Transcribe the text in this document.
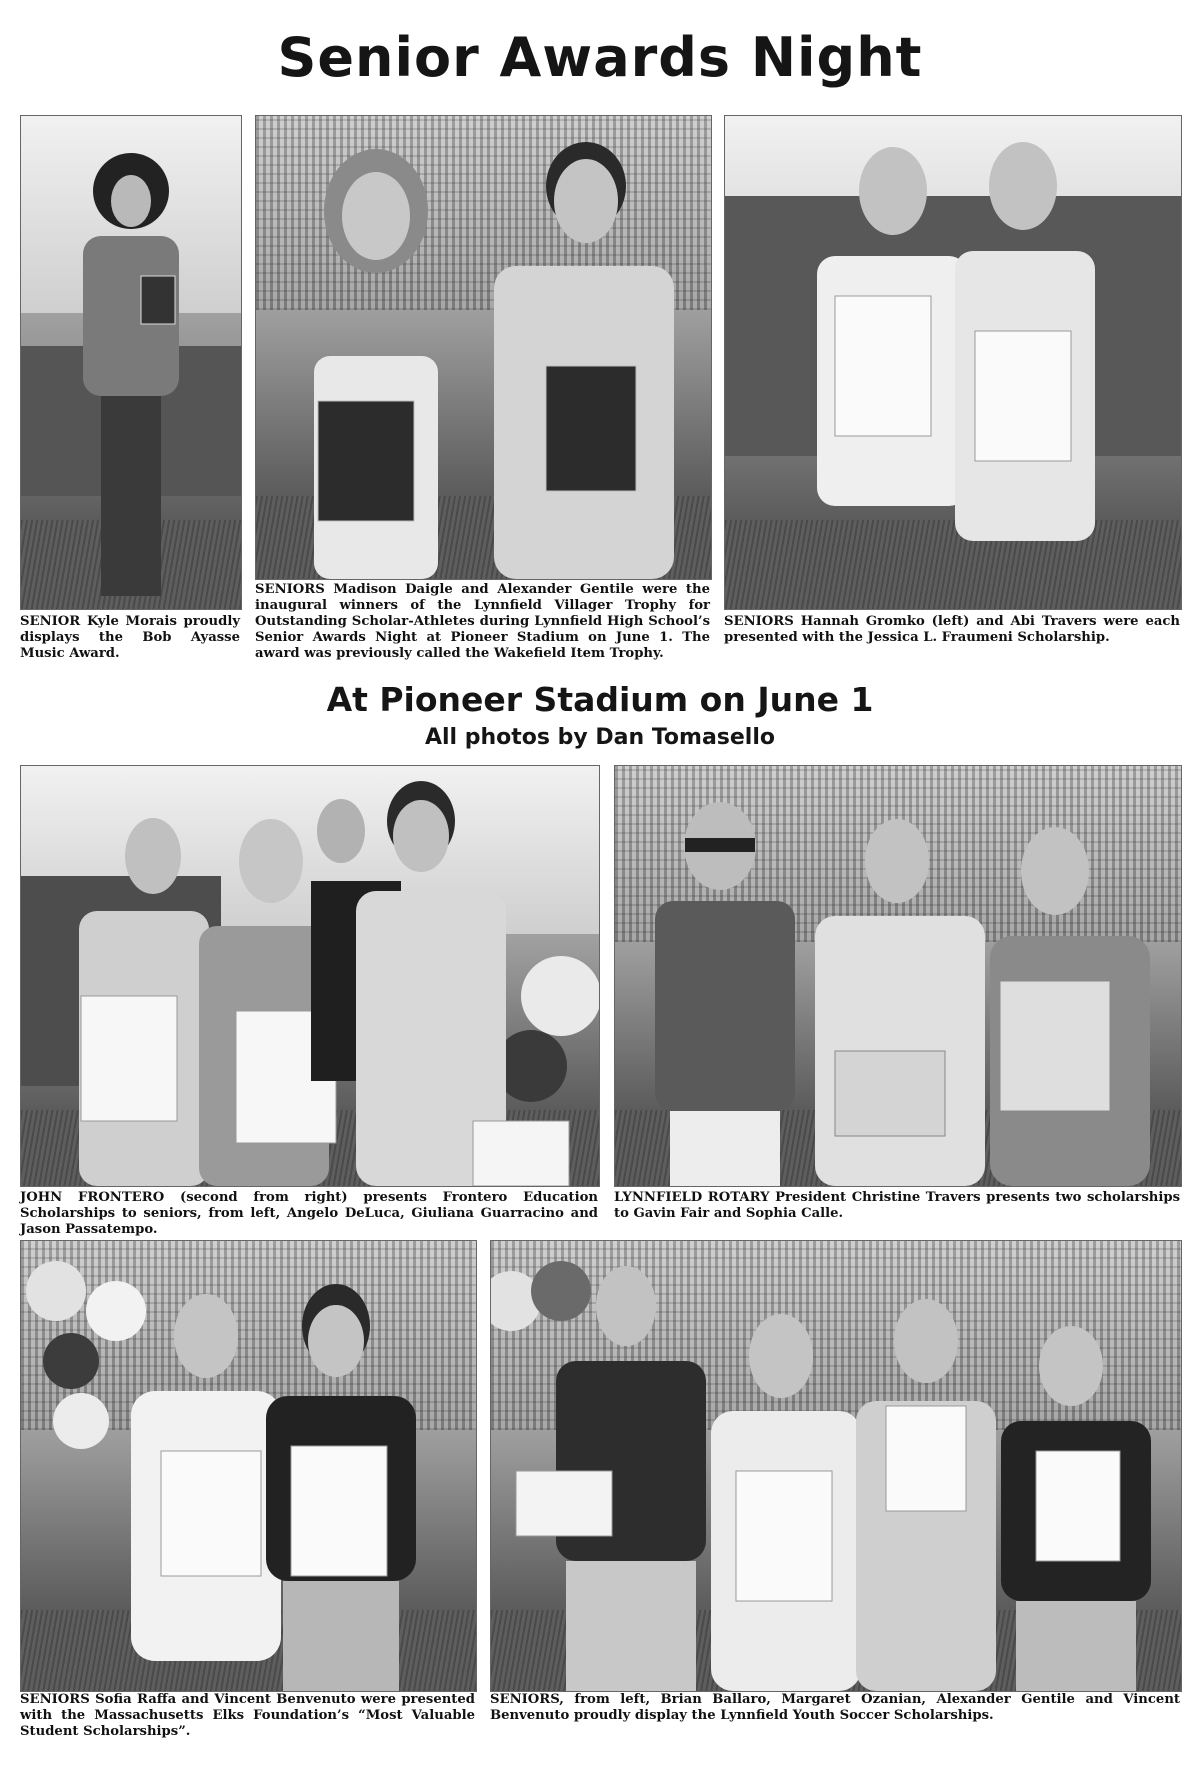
Senior Awards Night
At Pioneer Stadium on June 1
All photos by Dan Tomasello

SENIOR Kyle Morais proudly displays the Bob Ayasse Music Award.

SENIORS Madison Daigle and Alexander Gentile were the inaugural winners of the Lynnfield Villager Trophy for Outstanding Scholar-Athletes during Lynnfield High School’s Senior Awards Night at Pioneer Stadium on June 1. The award was previously called the Wakefield Item Trophy.

SENIORS Hannah Gromko (left) and Abi Travers were each presented with the Jessica L. Fraumeni Scholarship.

JOHN FRONTERO (second from right) presents Frontero Education Scholarships to seniors, from left, Angelo DeLuca, Giuliana Guarracino and Jason Passatempo.

LYNNFIELD ROTARY President Christine Travers presents two scholarships to Gavin Fair and Sophia Calle.

SENIORS Sofia Raffa and Vincent Benvenuto were presented with the Massachusetts Elks Foundation’s “Most Valuable Student Scholarships”.

SENIORS, from left, Brian Ballaro, Margaret Ozanian, Alexander Gentile and Vincent Benvenuto proudly display the Lynnfield Youth Soccer Scholarships.
